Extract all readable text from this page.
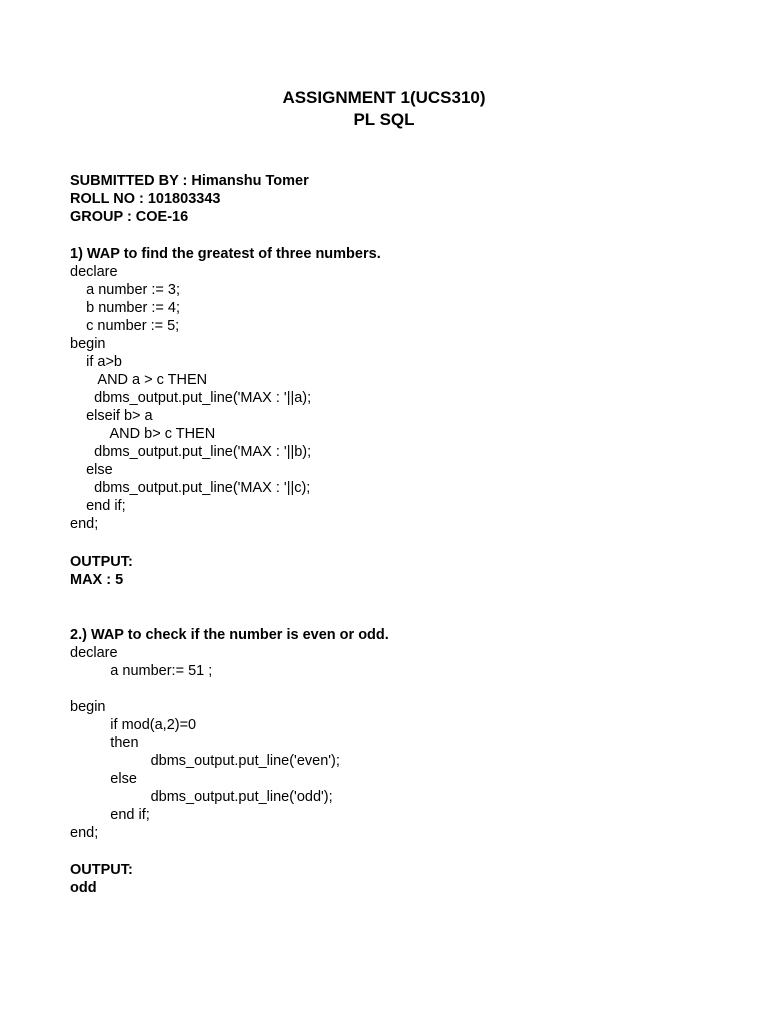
ASSIGNMENT 1(UCS310)
PL SQL
SUBMITTED BY : Himanshu Tomer
ROLL NO : 101803343
GROUP : COE-16
1) WAP to find the greatest of three numbers.
declare
a number := 3;
b number := 4;
c number := 5;
begin
if a>b
AND a > c THEN
dbms_output.put_line('MAX : '||a);
elseif b> a
AND b> c THEN
dbms_output.put_line('MAX : '||b);
else
dbms_output.put_line('MAX : '||c);
end if;
end;
OUTPUT:
MAX : 5
2.) WAP to check if the number is even or odd.
declare
a number:= 51 ;
begin
if mod(a,2)=0
then
dbms_output.put_line('even');
else
dbms_output.put_line('odd');
end if;
end;
OUTPUT:
odd
